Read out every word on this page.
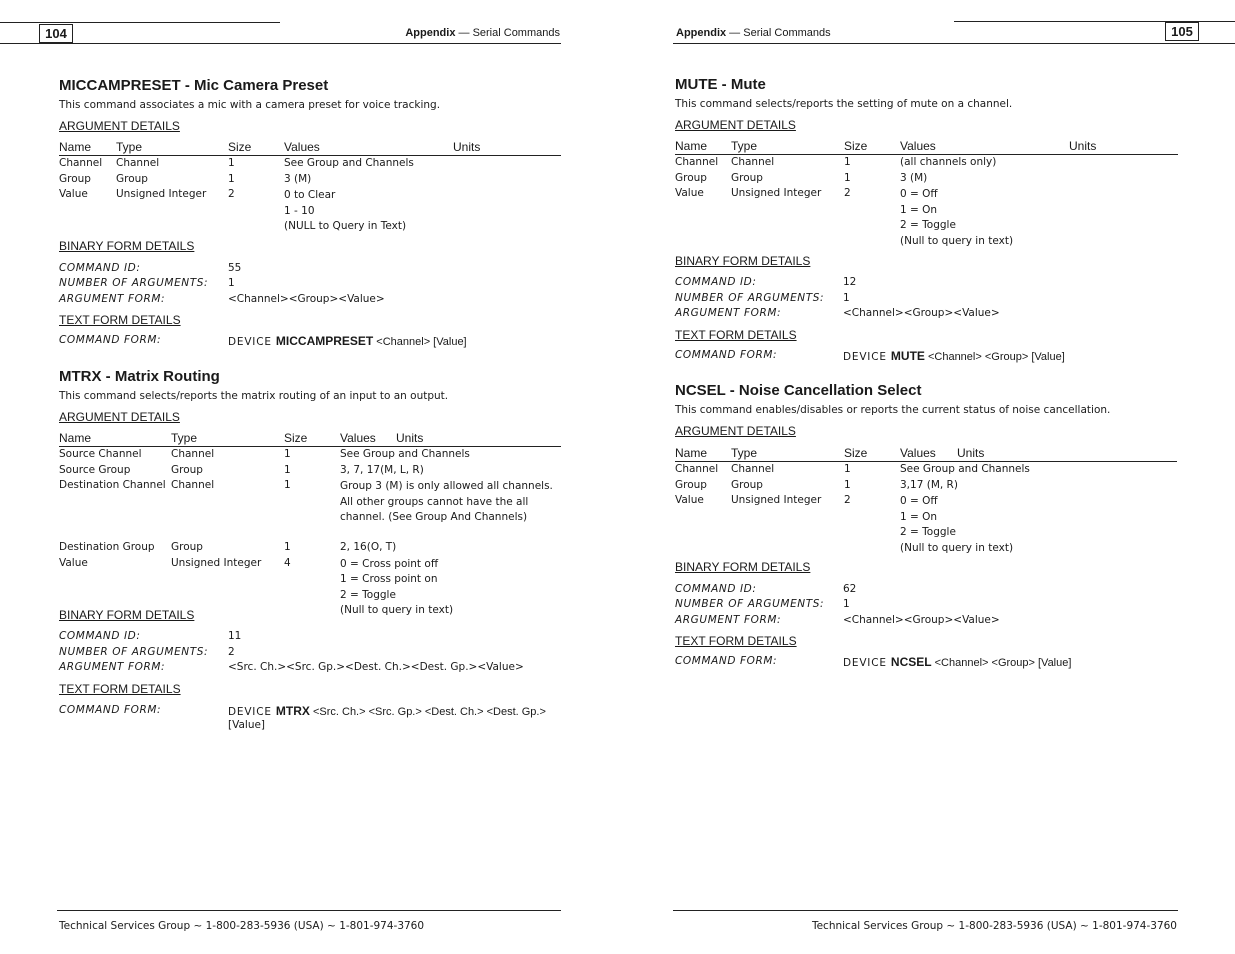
104	Appendix — Serial Commands
MICCAMPRESET - Mic Camera Preset
This command associates a mic with a camera preset for voice tracking.
ARGUMENT DETAILS
Name Type	Size	Values	Units
Channel Channel	1	See Group and Channels
Group Group	1	3 (M)
Value	Unsigned Integer 2	0 to Clear
1 - 10
(NULL to Query in Text)
BINARY FORM DETAILS
COMMAND ID:	55
NUMBER OF ARGUMENTS: 1
ARGUMENT FORM:	<Channel><Group><Value>
TEXT FORM DETAILS
COMMAND FORM:	DEVICE MICCAMPRESET <Channel> [Value]
MTRX - Matrix Routing
This command selects/reports the matrix routing of an input to an output.
ARGUMENT DETAILS
Name	Type	Size	Values Units
Source Channel	Channel	1	See Group and Channels
Source Group	Group	1	3, 7, 17(M, L, R)
Destination Channel Channel	1	Group 3 (M) is only allowed all channels.
All other groups cannot have the all
channel. (See Group And Channels)
Destination Group Group	1	2, 16(O, T)
Value	Unsigned Integer 4	0 = Cross point off
1 = Cross point on
2 = Toggle
(Null to query in text)
BINARY FORM DETAILS
COMMAND ID:	11
NUMBER OF ARGUMENTS: 2
ARGUMENT FORM:	<Src. Ch.><Src. Gp.><Dest. Ch.><Dest. Gp.><Value>
TEXT FORM DETAILS
COMMAND FORM:	DEVICE MTRX <Src. Ch.> <Src. Gp.> <Dest. Ch.> <Dest. Gp.>
[Value]
Technical Services Group ~ 1-800-283-5936 (USA) ~ 1-801-974-3760
105
Appendix — Serial Commands
MUTE - Mute
This command selects/reports the setting of mute on a channel.
ARGUMENT DETAILS
Name Type	Size	Values	Units
Channel Channel	1	(all channels only)
Group Group	1	3 (M)
Value	Unsigned Integer 2	0 = Off
1 = On
2 = Toggle
(Null to query in text)
BINARY FORM DETAILS
COMMAND ID:	12
NUMBER OF ARGUMENTS: 1
ARGUMENT FORM:	<Channel><Group><Value>
TEXT FORM DETAILS
COMMAND FORM:	DEVICE MUTE <Channel> <Group> [Value]
NCSEL - Noise Cancellation Select
This command enables/disables or reports the current status of noise cancellation.
ARGUMENT DETAILS
Name Type	Size	Values Units
Channel Channel	1	See Group and Channels
Group Group	1	3,17 (M, R)
Value	Unsigned Integer 2	0 = Off
1 = On
2 = Toggle
(Null to query in text)
BINARY FORM DETAILS
COMMAND ID:	62
NUMBER OF ARGUMENTS: 1
ARGUMENT FORM:	<Channel><Group><Value>
TEXT FORM DETAILS
COMMAND FORM:	DEVICE NCSEL <Channel> <Group> [Value]
Technical Services Group ~ 1-800-283-5936 (USA) ~ 1-801-974-3760
